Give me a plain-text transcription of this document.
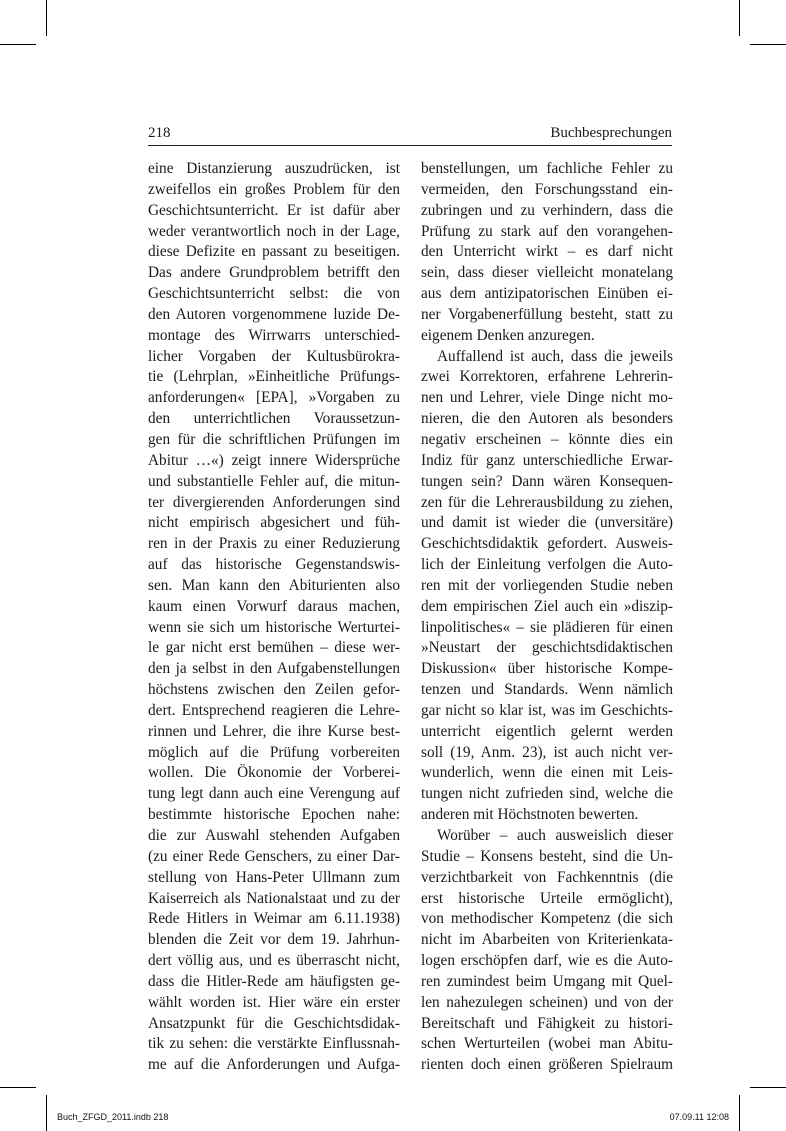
218	Buchbesprechungen
eine Distanzierung auszudrücken, ist
zweifellos ein großes Problem für den
Geschichtsunterricht. Er ist dafür aber
weder verantwortlich noch in der Lage,
diese Defizite en passant zu beseitigen.
Das andere Grundproblem betrifft den
Geschichtsunterricht selbst: die von
den Autoren vorgenommene luzide De-
montage des Wirrwarrs unterschied-
licher Vorgaben der Kultusbürokra-
tie (Lehrplan, »Einheitliche Prüfungs-
anforderungen« [EPA], »Vorgaben zu
den unterrichtlichen Voraussetzun-
gen für die schriftlichen Prüfungen im
Abitur …«) zeigt innere Widersprüche
und substantielle Fehler auf, die mitun-
ter divergierenden Anforderungen sind
nicht empirisch abgesichert und füh-
ren in der Praxis zu einer Reduzierung
auf das historische Gegenstandswis-
sen. Man kann den Abiturienten also
kaum einen Vorwurf daraus machen,
wenn sie sich um historische Werturtei-
le gar nicht erst bemühen – diese wer-
den ja selbst in den Aufgabenstellungen
höchstens zwischen den Zeilen gefor-
dert. Entsprechend reagieren die Lehre-
rinnen und Lehrer, die ihre Kurse best-
möglich auf die Prüfung vorbereiten
wollen. Die Ökonomie der Vorberei-
tung legt dann auch eine Verengung auf
bestimmte historische Epochen nahe:
die zur Auswahl stehenden Aufgaben
(zu einer Rede Genschers, zu einer Dar-
stellung von Hans-Peter Ullmann zum
Kaiserreich als Nationalstaat und zu der
Rede Hitlers in Weimar am 6.11.1938)
blenden die Zeit vor dem 19. Jahrhun-
dert völlig aus, und es überrascht nicht,
dass die Hitler-Rede am häufigsten ge-
wählt worden ist. Hier wäre ein erster
Ansatzpunkt für die Geschichtsdidak-
tik zu sehen: die verstärkte Einflussnah-
me auf die Anforderungen und Aufga-
benstellungen, um fachliche Fehler zu
vermeiden, den Forschungsstand ein-
zubringen und zu verhindern, dass die
Prüfung zu stark auf den vorangehen-
den Unterricht wirkt – es darf nicht
sein, dass dieser vielleicht monatelang
aus dem antizipatorischen Einüben ei-
ner Vorgabenerfüllung besteht, statt zu
eigenem Denken anzuregen.
Auffallend ist auch, dass die jeweils
zwei Korrektoren, erfahrene Lehrerin-
nen und Lehrer, viele Dinge nicht mo-
nieren, die den Autoren als besonders
negativ erscheinen – könnte dies ein
Indiz für ganz unterschiedliche Erwar-
tungen sein? Dann wären Konsequen-
zen für die Lehrerausbildung zu ziehen,
und damit ist wieder die (unversitäre)
Geschichtsdidaktik gefordert. Ausweis-
lich der Einleitung verfolgen die Auto-
ren mit der vorliegenden Studie neben
dem empirischen Ziel auch ein »diszip-
linpolitisches« – sie plädieren für einen
»Neustart der geschichtsdidaktischen
Diskussion« über historische Kompe-
tenzen und Standards. Wenn nämlich
gar nicht so klar ist, was im Geschichts-
unterricht eigentlich gelernt werden
soll (19, Anm. 23), ist auch nicht ver-
wunderlich, wenn die einen mit Leis-
tungen nicht zufrieden sind, welche die
anderen mit Höchstnoten bewerten.
Worüber – auch ausweislich dieser
Studie – Konsens besteht, sind die Un-
verzichtbarkeit von Fachkenntnis (die
erst historische Urteile ermöglicht),
von methodischer Kompetenz (die sich
nicht im Abarbeiten von Kriterienkata-
logen erschöpfen darf, wie es die Auto-
ren zumindest beim Umgang mit Quel-
len nahezulegen scheinen) und von der
Bereitschaft und Fähigkeit zu histori-
schen Werturteilen (wobei man Abitu-
rienten doch einen größeren Spielraum
Buch_ZFGD_2011.indb 218	07.09.11 12:08
